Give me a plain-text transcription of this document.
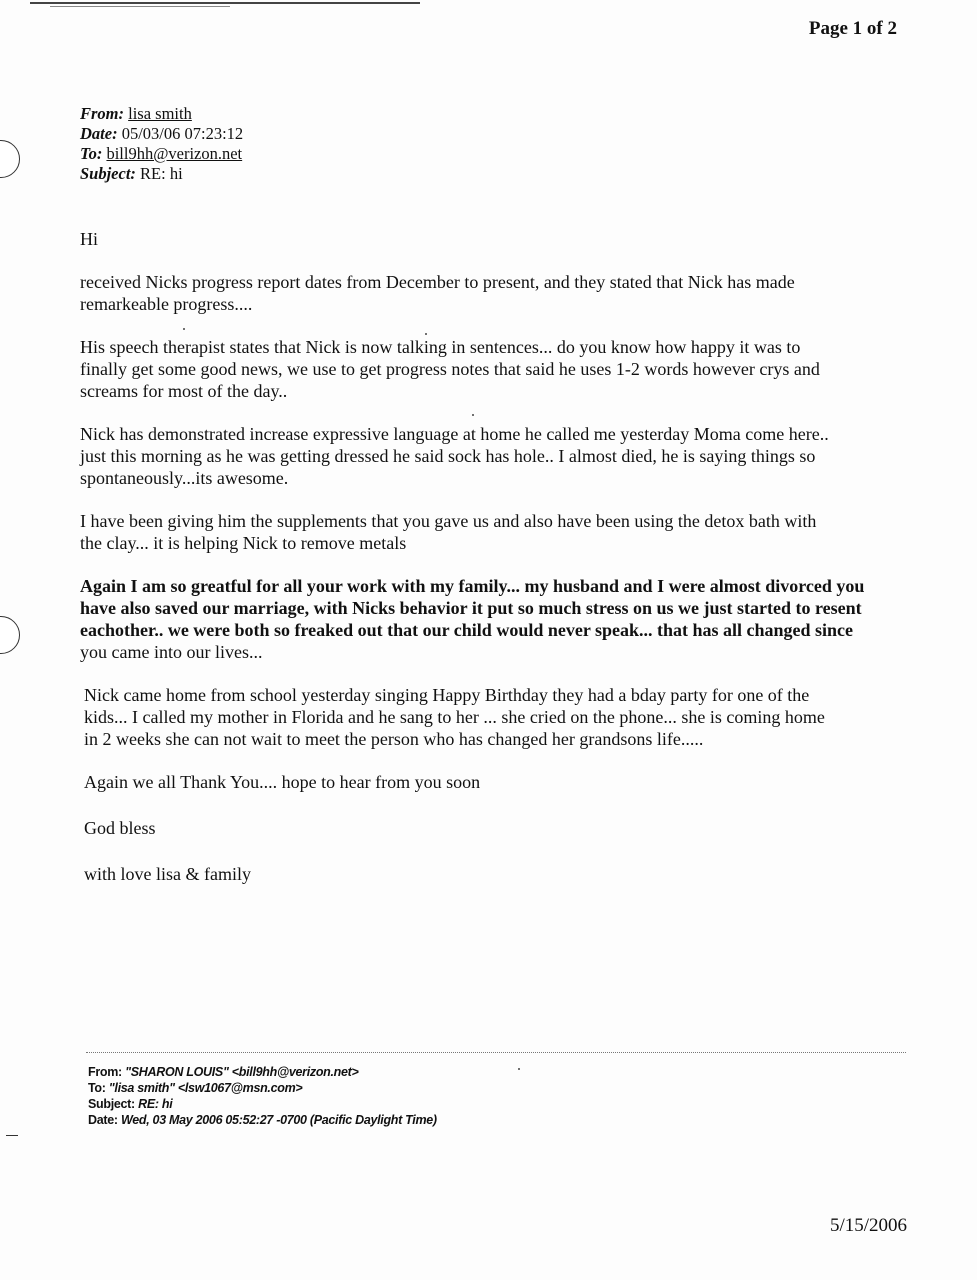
Page 1 of 2
From: lisa smith
Date: 05/03/06 07:23:12
To: bill9hh@verizon.net
Subject: RE: hi

Hi

received Nicks progress report dates from December to present, and they stated that Nick has made

remarkeable progress....

His speech therapist states that Nick is now talking in sentences... do you know how happy it was to

finally get some good news, we use to get progress notes that said he uses 1-2 words however crys and

screams for most of the day..

Nick has demonstrated increase expressive language at home he called me yesterday Moma come here..

just this morning as he was getting dressed he said sock has hole.. I almost died, he is saying things so

spontaneously...its awesome.

I have been giving him the supplements that you gave us and also have been using the detox bath with

the clay... it is helping Nick to remove metals

Again I am so greatful for all your work with my family... my husband and I were almost divorced you

have also saved our marriage, with Nicks behavior it put so much stress on us we just started to resent

eachother.. we were both so freaked out that our child would never speak... that has all changed since

you came into our lives...

Nick came home from school yesterday singing Happy Birthday they had a bday party for one of the

kids... I called my mother in Florida and he sang to her ... she cried on the phone... she is coming home

in 2 weeks she can not wait to meet the person who has changed her grandsons life.....

Again we all Thank You.... hope to hear from you soon

God bless

with love lisa & family

From: "SHARON LOUIS" <bill9hh@verizon.net>
To: "lisa smith" <lsw1067@msn.com>
Subject: RE: hi
Date: Wed, 03 May 2006 05:52:27 -0700 (Pacific Daylight Time)
5/15/2006
